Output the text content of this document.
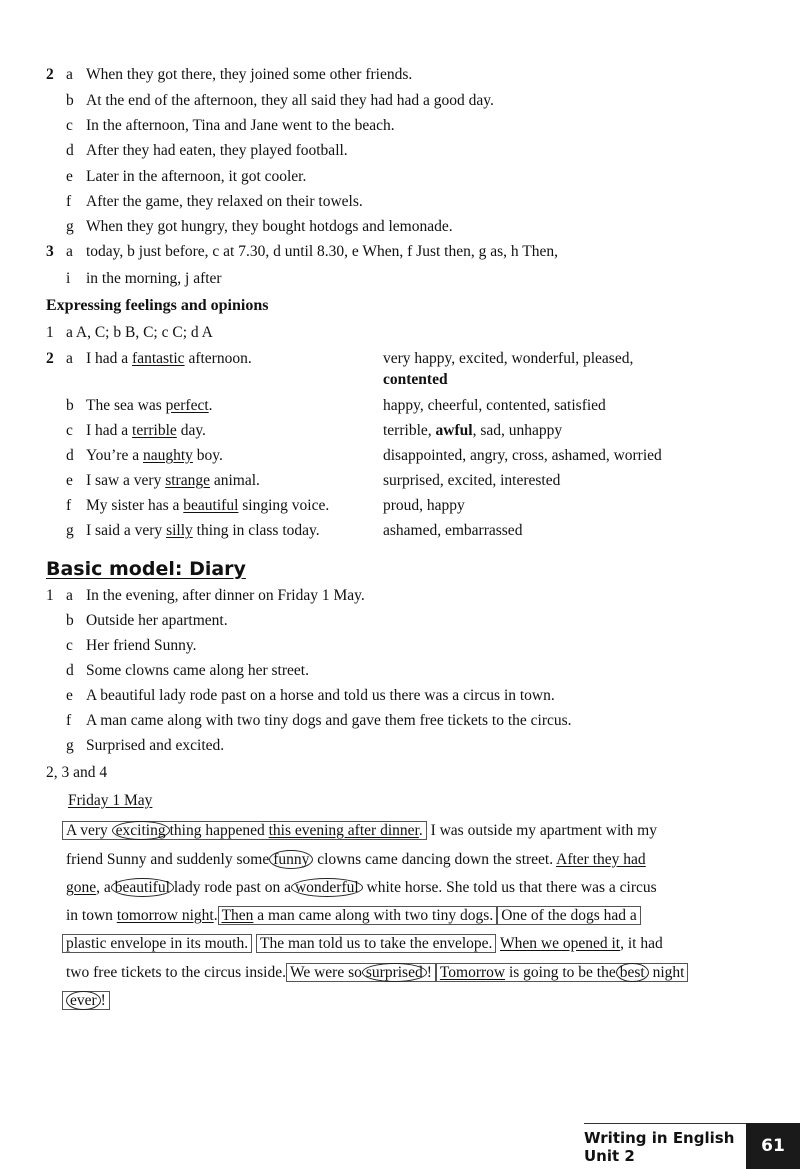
2 a When they got there, they joined some other friends.
b At the end of the afternoon, they all said they had had a good day.
c In the afternoon, Tina and Jane went to the beach.
d After they had eaten, they played football.
e Later in the afternoon, it got cooler.
f After the game, they relaxed on their towels.
g When they got hungry, they bought hotdogs and lemonade.
3 a today, b just before, c at 7.30, d until 8.30, e When, f Just then, g as, h Then,
i in the morning, j after
Expressing feelings and opinions
1 a A, C; b B, C; c C; d A
2 a I had a fantastic afternoon.	very happy, excited, wonderful, pleased,
contented
b The sea was perfect.	happy, cheerful, contented, satisfied
c I had a terrible day.	terrible, awful, sad, unhappy
d You’re a naughty boy.	disappointed, angry, cross, ashamed, worried
e I saw a very strange animal.	surprised, excited, interested
f My sister has a beautiful singing voice.	proud, happy
g I said a very silly thing in class today.	ashamed, embarrassed
Basic model: Diary
1 a In the evening, after dinner on Friday 1 May.
b Outside her apartment.
c Her friend Sunny.
d Some clowns came along her street.
e A beautiful lady rode past on a horse and told us there was a circus in town.
f A man came along with two tiny dogs and gave them free tickets to the circus.
g Surprised and excited.
2, 3 and 4
Friday 1 May
A very exciting thing happened this evening after dinner. I was outside my apartment with my
friend Sunny and suddenly some funny clowns came dancing down the street. After they had
gone, a beautiful lady rode past on a wonderful white horse. She told us that there was a circus
in town tomorrow night. Then a man came along with two tiny dogs. One of the dogs had a
plastic envelope in its mouth. The man told us to take the envelope. When we opened it, it had
two free tickets to the circus inside. We were so surprised ! Tomorrow is going to be the best night
ever !
Writing in English Unit 2	61
